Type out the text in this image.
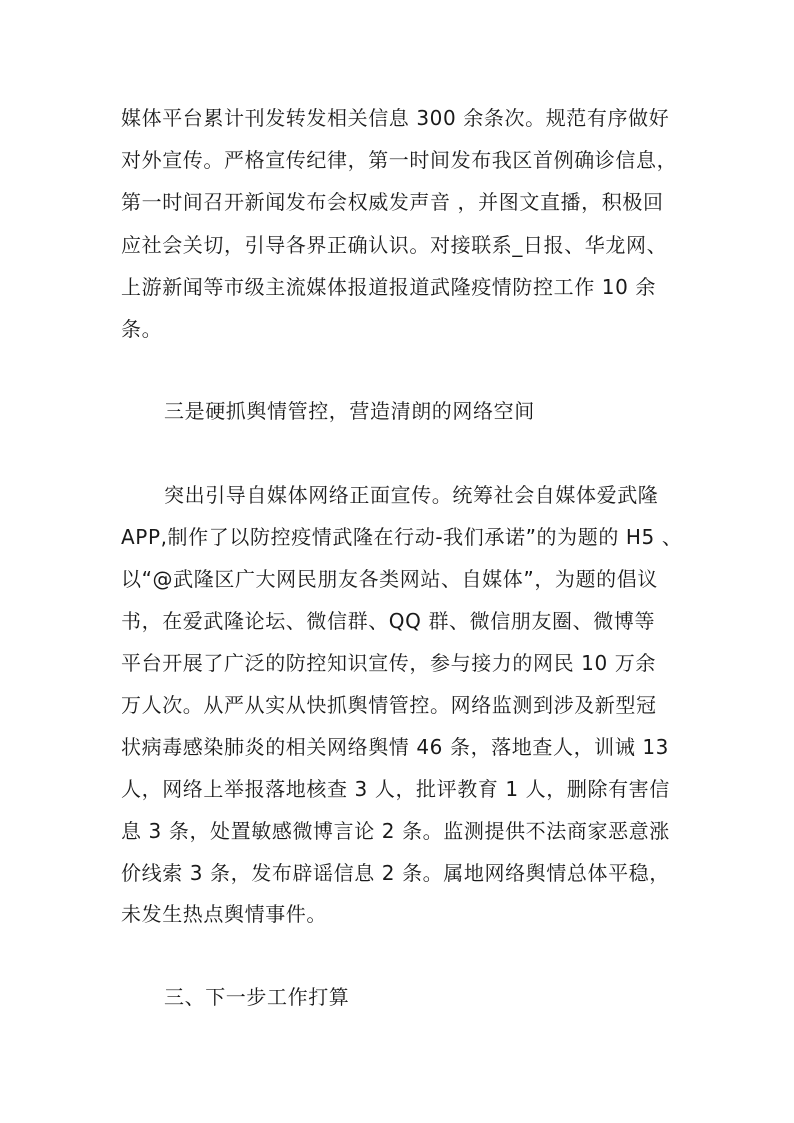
媒体平台累计刊发转发相关信息 300 余条次。规范有序做好
对外宣传。严格宣传纪律，第一时间发布我区首例确诊信息，
第一时间召开新闻发布会权威发声音 ，并图文直播，积极回
应社会关切，引导各界正确认识。对接联系_日报、华龙网、
上游新闻等市级主流媒体报道报道武隆疫情防控工作 10 余
条。
三是硬抓舆情管控，营造清朗的网络空间
突出引导自媒体网络正面宣传。统筹社会自媒体爱武隆
APP,制作了以防控疫情武隆在行动-我们承诺”的为题的 H5 、
以“@武隆区广大网民朋友各类网站、自媒体”，为题的倡议
书，在爱武隆论坛、微信群、QQ 群、微信朋友圈、微博等
平台开展了广泛的防控知识宣传，参与接力的网民 10 万余
万人次。从严从实从快抓舆情管控。网络监测到涉及新型冠
状病毒感染肺炎的相关网络舆情 46 条，落地查人，训诫 13
人，网络上举报落地核查 3 人，批评教育 1 人，删除有害信
息 3 条，处置敏感微博言论 2 条。监测提供不法商家恶意涨
价线索 3 条，发布辟谣信息 2 条。属地网络舆情总体平稳，
未发生热点舆情事件。
三、下一步工作打算
